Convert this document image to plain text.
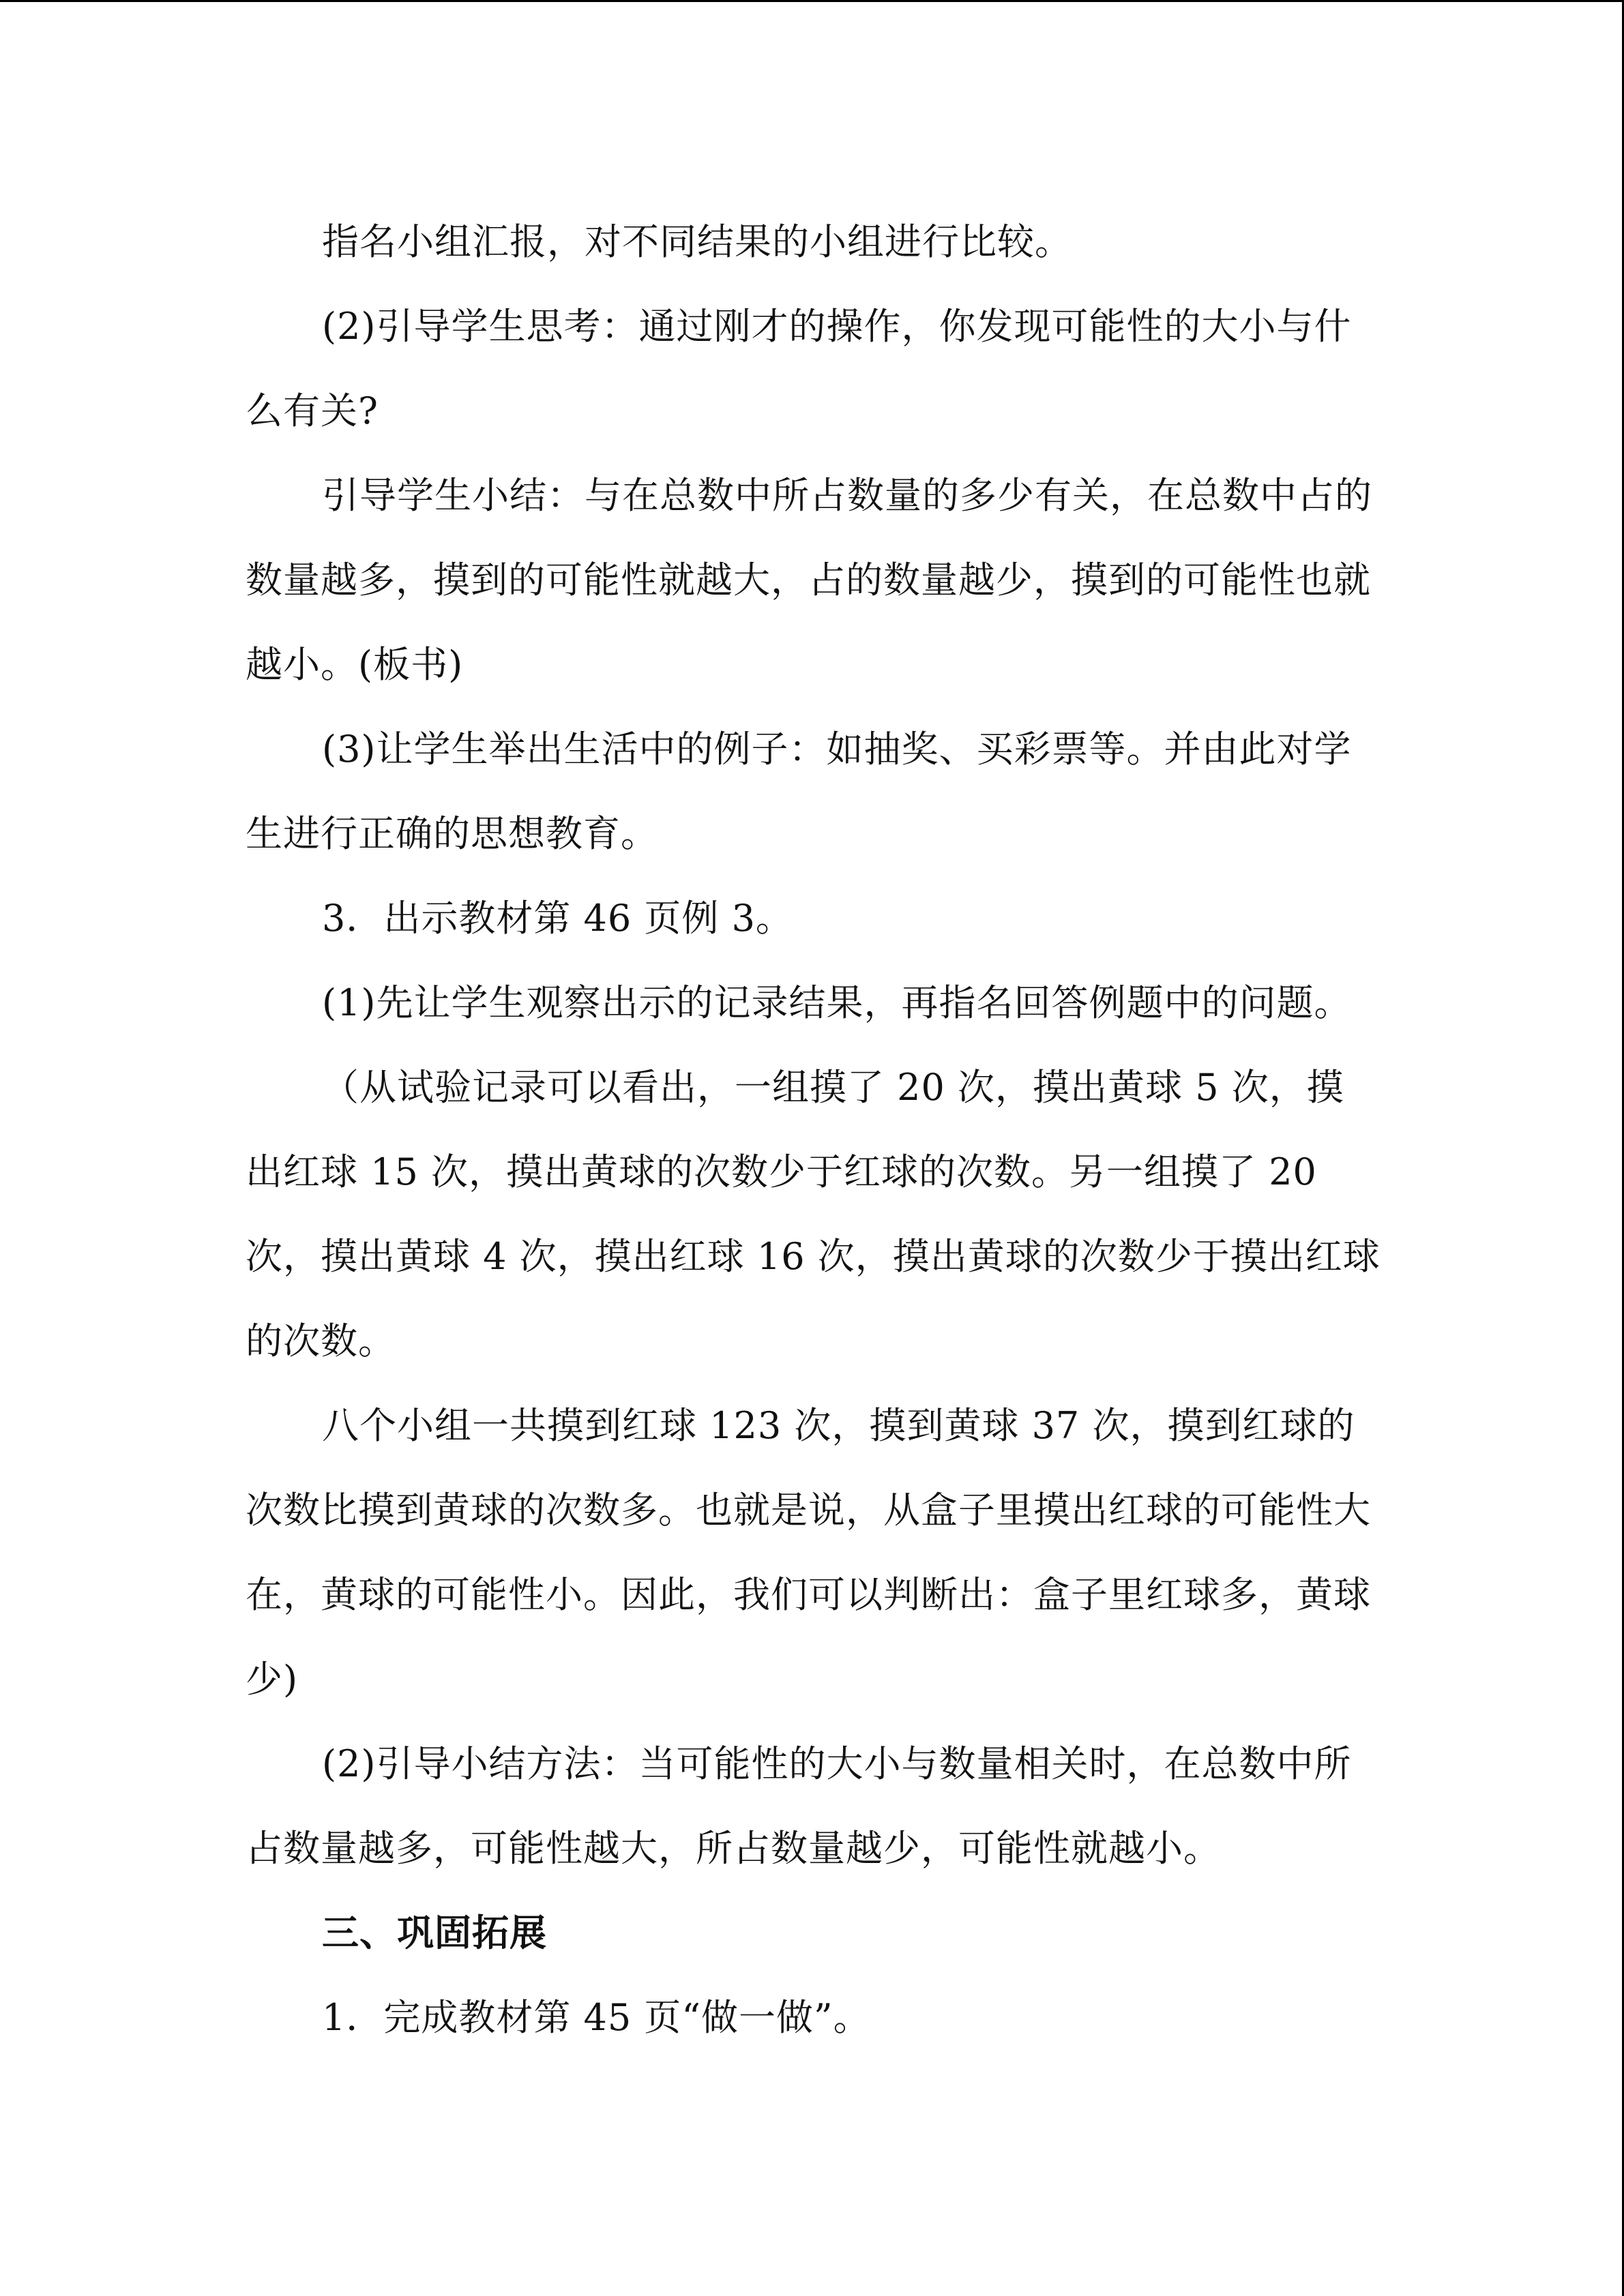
指名小组汇报，对不同结果的小组进行比较。

(2)引导学生思考：通过刚才的操作，你发现可能性的大小与什么有关?

引导学生小结：与在总数中所占数量的多少有关，在总数中占的数量越多，摸到的可能性就越大，占的数量越少，摸到的可能性也就越小。(板书)

(3)让学生举出生活中的例子：如抽奖、买彩票等。并由此对学生进行正确的思想教育。

3．出示教材第 46 页例 3。

(1)先让学生观察出示的记录结果，再指名回答例题中的问题。

（从试验记录可以看出，一组摸了 20 次，摸出黄球 5 次，摸出红球 15 次，摸出黄球的次数少于红球的次数。另一组摸了 20 次，摸出黄球 4 次，摸出红球 16 次，摸出黄球的次数少于摸出红球的次数。

八个小组一共摸到红球 123 次，摸到黄球 37 次，摸到红球的次数比摸到黄球的次数多。也就是说，从盒子里摸出红球的可能性大在，黄球的可能性小。因此，我们可以判断出：盒子里红球多，黄球少)

(2)引导小结方法：当可能性的大小与数量相关时，在总数中所占数量越多，可能性越大，所占数量越少，可能性就越小。

三、巩固拓展

1．完成教材第 45 页“做一做”。
